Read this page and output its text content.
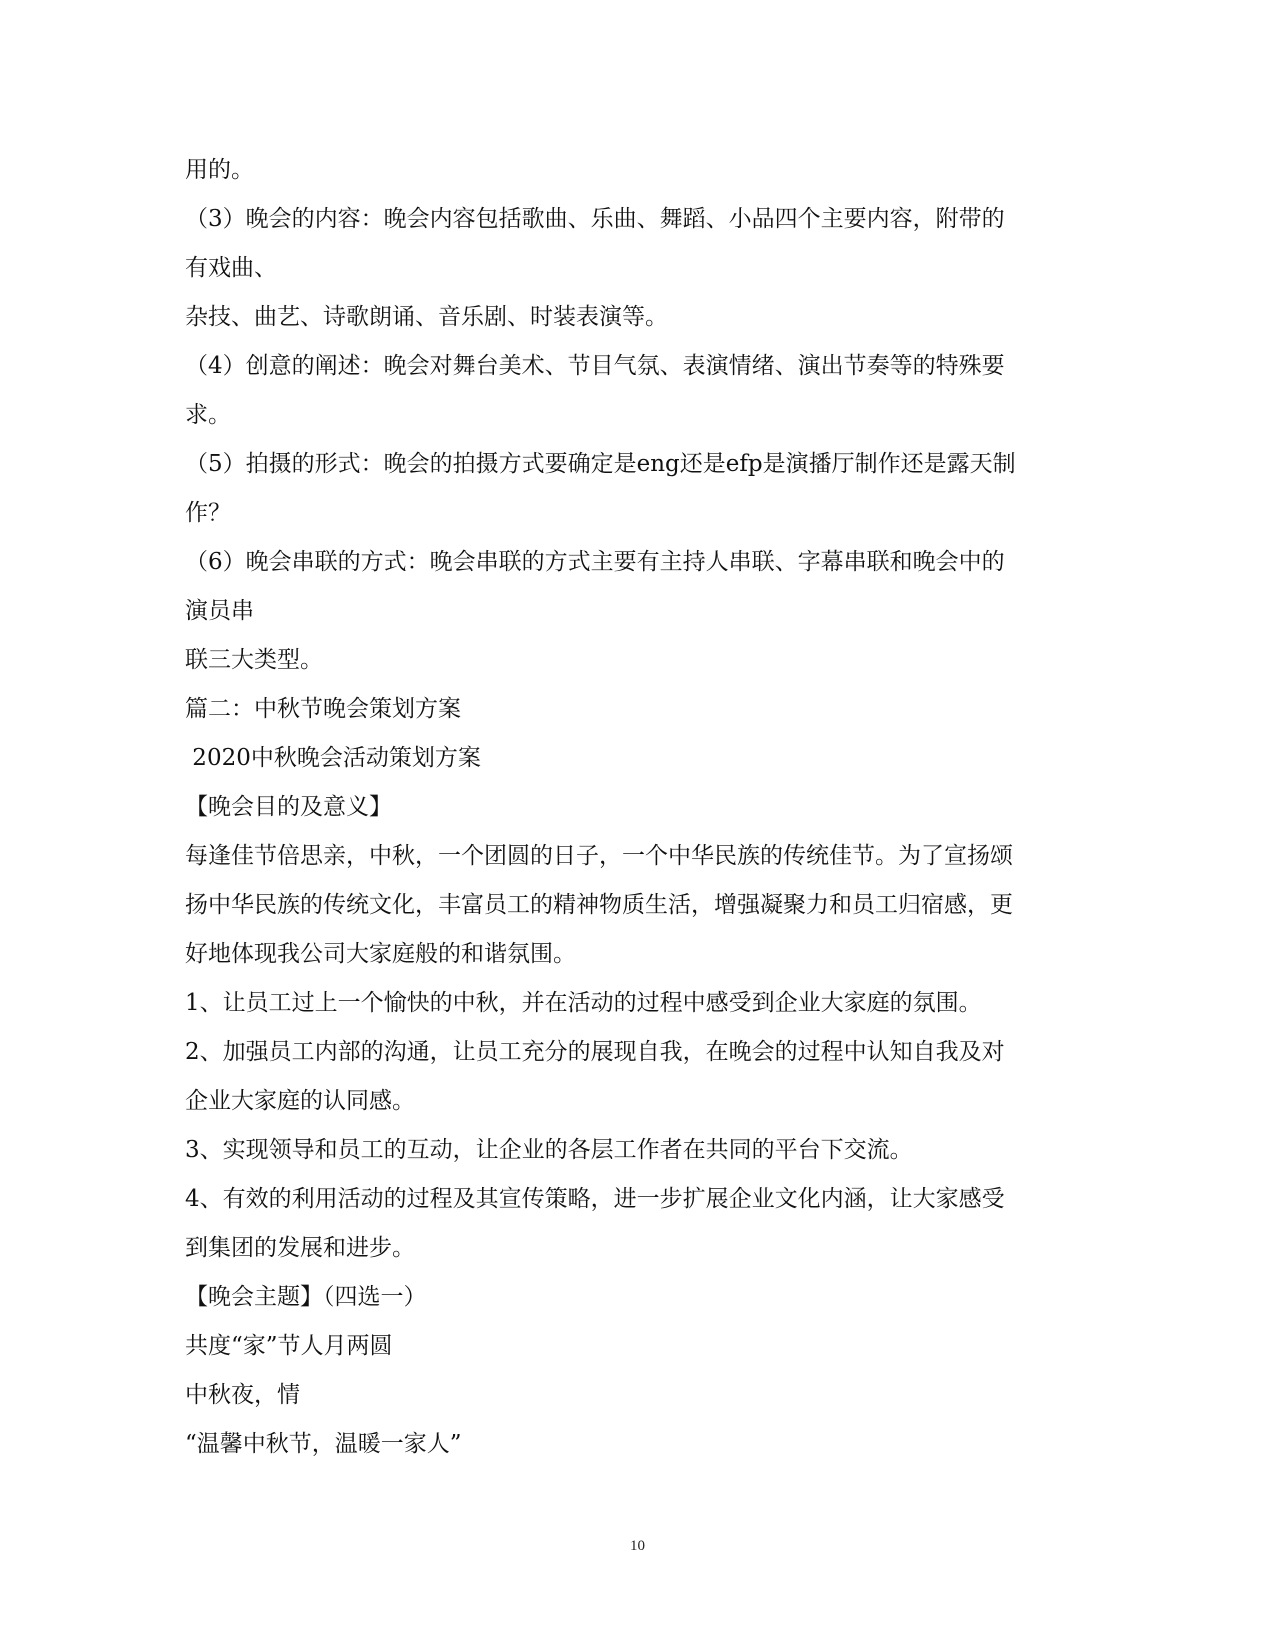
用的。
（3）晚会的内容：晚会内容包括歌曲、乐曲、舞蹈、小品四个主要内容，附带的
有戏曲、
杂技、曲艺、诗歌朗诵、音乐剧、时装表演等。
（4）创意的阐述：晚会对舞台美术、节目气氛、表演情绪、演出节奏等的特殊要
求。
（5）拍摄的形式：晚会的拍摄方式要确定是eng还是efp是演播厅制作还是露天制
作？
（6）晚会串联的方式：晚会串联的方式主要有主持人串联、字幕串联和晚会中的
演员串
联三大类型。
篇二：中秋节晚会策划方案
2020中秋晚会活动策划方案
【晚会目的及意义】
每逢佳节倍思亲，中秋，一个团圆的日子，一个中华民族的传统佳节。为了宣扬颂
扬中华民族的传统文化，丰富员工的精神物质生活，增强凝聚力和员工归宿感，更
好地体现我公司大家庭般的和谐氛围。
1、让员工过上一个愉快的中秋，并在活动的过程中感受到企业大家庭的氛围。
2、加强员工内部的沟通，让员工充分的展现自我，在晚会的过程中认知自我及对
企业大家庭的认同感。
3、实现领导和员工的互动，让企业的各层工作者在共同的平台下交流。
4、有效的利用活动的过程及其宣传策略，进一步扩展企业文化内涵，让大家感受
到集团的发展和进步。
【晚会主题】（四选一）
共度“家”节人月两圆
中秋夜，情
“温馨中秋节，温暖一家人”
10
